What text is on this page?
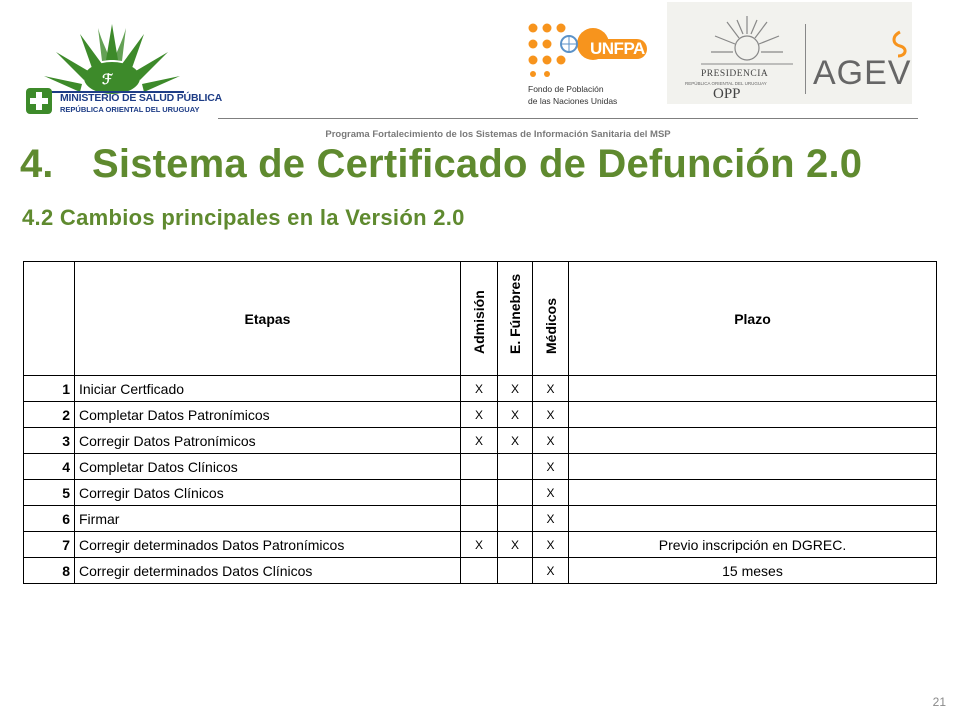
ℱ
MINISTERIO DE SALUD PÚBLICA
REPÚBLICA ORIENTAL DEL URUGUAY
UNFPA
Fondo de Población
de las Naciones Unidas
PRESIDENCIA
REPÚBLICA ORIENTAL DEL URUGUAY
OPP
AGEV
Programa Fortalecimiento de los Sistemas de Información Sanitaria del MSP
4. Sistema de Certificado de Defunción 2.0
4.2 Cambios principales en la Versión 2.0
	Etapas	Admisión	E. Fúnebres	Médicos	Plazo
1	Iniciar Certficado	X	X	X	
2	Completar Datos Patronímicos	X	X	X	
3	Corregir Datos Patronímicos	X	X	X	
4	Completar Datos Clínicos			X	
5	Corregir Datos Clínicos			X	
6	Firmar			X	
7	Corregir determinados Datos Patronímicos	X	X	X	Previo inscripción en DGREC.
8	Corregir determinados Datos Clínicos			X	15 meses
21
